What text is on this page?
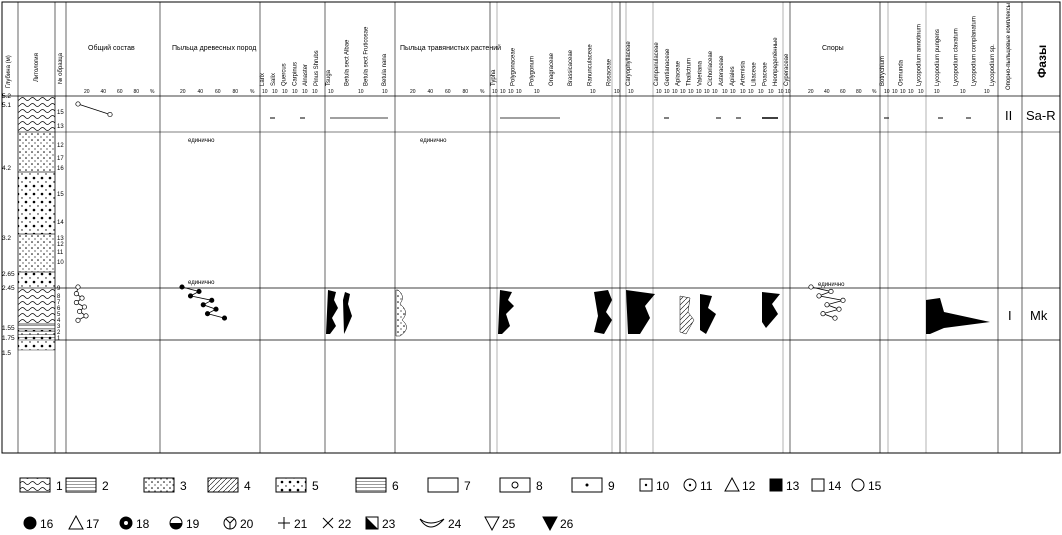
Глубина (м)	Литология	№ образца	Опорно-пыльцевые комплексы Фазы
Общий состав	Пыльца древесных пород	Пыльца травянистых растений	Споры
Larix Salix Quercus Carpinus Alnaster Pinus Shrubs Tsuga Betula sect Albae Betula sect Fruticosae Betula nana	Typha Polygonaceae Polygonum Onagraceae Brassicaceae Ranunculaceae Rosaceae Caryophyllaceae	Campanulaceae Gentianaceae Apiaceae Thalictrum Valeriana Cichoriaceae Asteraceae Apiales Artemisia Liliaceae Poaceae Неопределённые Cyperaceae	Botrychium Osmunda Lycopodium annotinum Lycopodium pungens Lycopodium clavatum Lycopodium complanatum Lycopodium sp.
20 40 60 80 %	20 40 60 80 %	20 40 60 80 %	20 40 60 80 %
10 10 10 10 10 10 10	10	10	10 10 10 10 10	10	10 10	10 10 10 10 10 10 10 10 10 10 10 10 10 10 10 10	10 10 10 10 10 10	10	10
5.2
5.1
4.2
3.2
2.65
2.45
1.55
1.75
1.5
15
13
12
17
16
15
14
13
12
11
10
9
8
7
6
5
4
3
2
1
единично	единично
единично	единично
II
I
Sa-R
Mk
1	2	3	4	5	6	7	8	9	10	11 12	13 14 15
16	17	18	19	20	21	22	23	24	25	26
